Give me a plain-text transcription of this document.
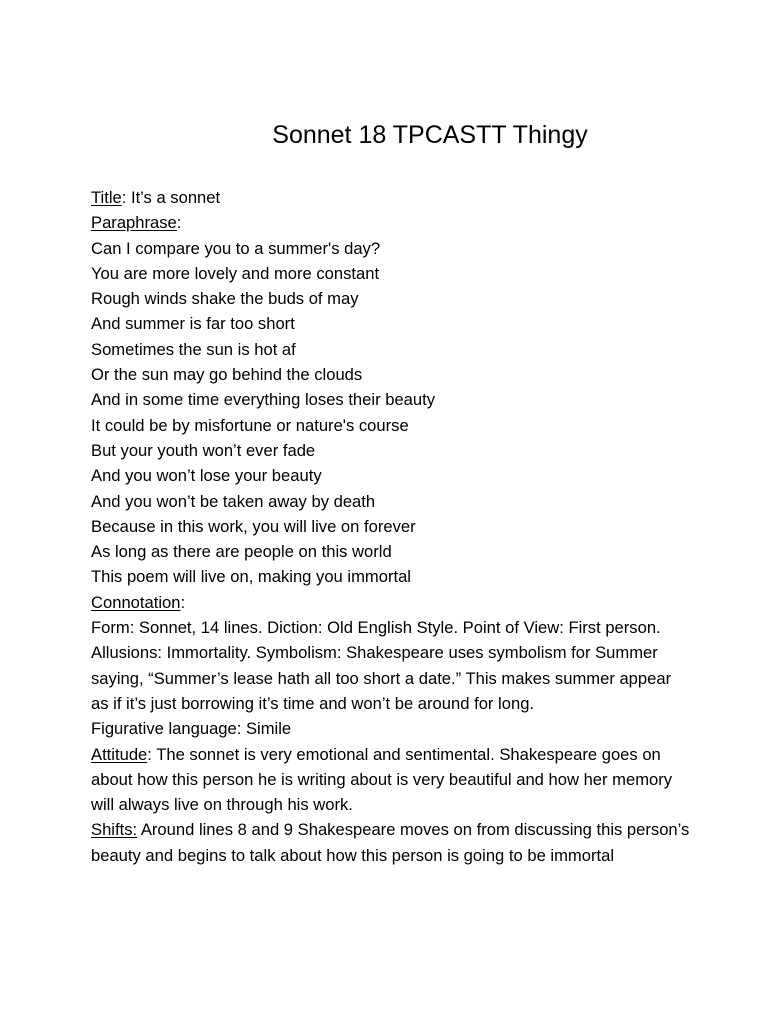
Sonnet 18 TPCASTT Thingy
Title: It’s a sonnet
Paraphrase:
Can I compare you to a summer's day?
You are more lovely and more constant
Rough winds shake the buds of may
And summer is far too short
Sometimes the sun is hot af
Or the sun may go behind the clouds
And in some time everything loses their beauty
It could be by misfortune or nature's course
But your youth won’t ever fade
And you won’t lose your beauty
And you won’t be taken away by death
Because in this work, you will live on forever
As long as there are people on this world
This poem will live on, making you immortal
Connotation:
Form: Sonnet, 14 lines. Diction: Old English Style. Point of View: First person. Allusions: Immortality. Symbolism: Shakespeare uses symbolism for Summer saying, “Summer’s lease hath all too short a date.” This makes summer appear as if it’s just borrowing it’s time and won’t be around for long.
Figurative language: Simile
Attitude: The sonnet is very emotional and sentimental. Shakespeare goes on about how this person he is writing about is very beautiful and how her memory will always live on through his work.
Shifts: Around lines 8 and 9 Shakespeare moves on from discussing this person’s beauty and begins to talk about how this person is going to be immortal
